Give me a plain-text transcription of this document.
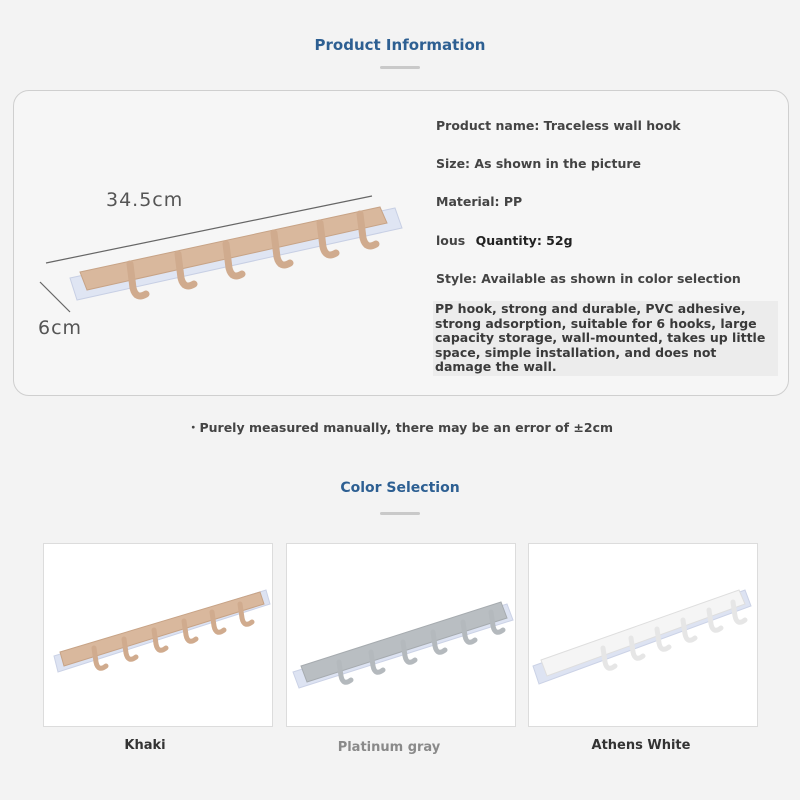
Product Information
34.5cm
6cm
Product name: Traceless wall hook
Size: As shown in the picture
Material: PP
lous Quantity: 52g
Style: Available as shown in color selection
PP hook, strong and durable, PVC adhesive, strong adsorption, suitable for 6 hooks, large capacity storage, wall-mounted, takes up little space, simple installation, and does not damage the wall.
・Purely measured manually, there may be an error of ±2cm
Color Selection
Khaki	Platinum gray	Athens White
